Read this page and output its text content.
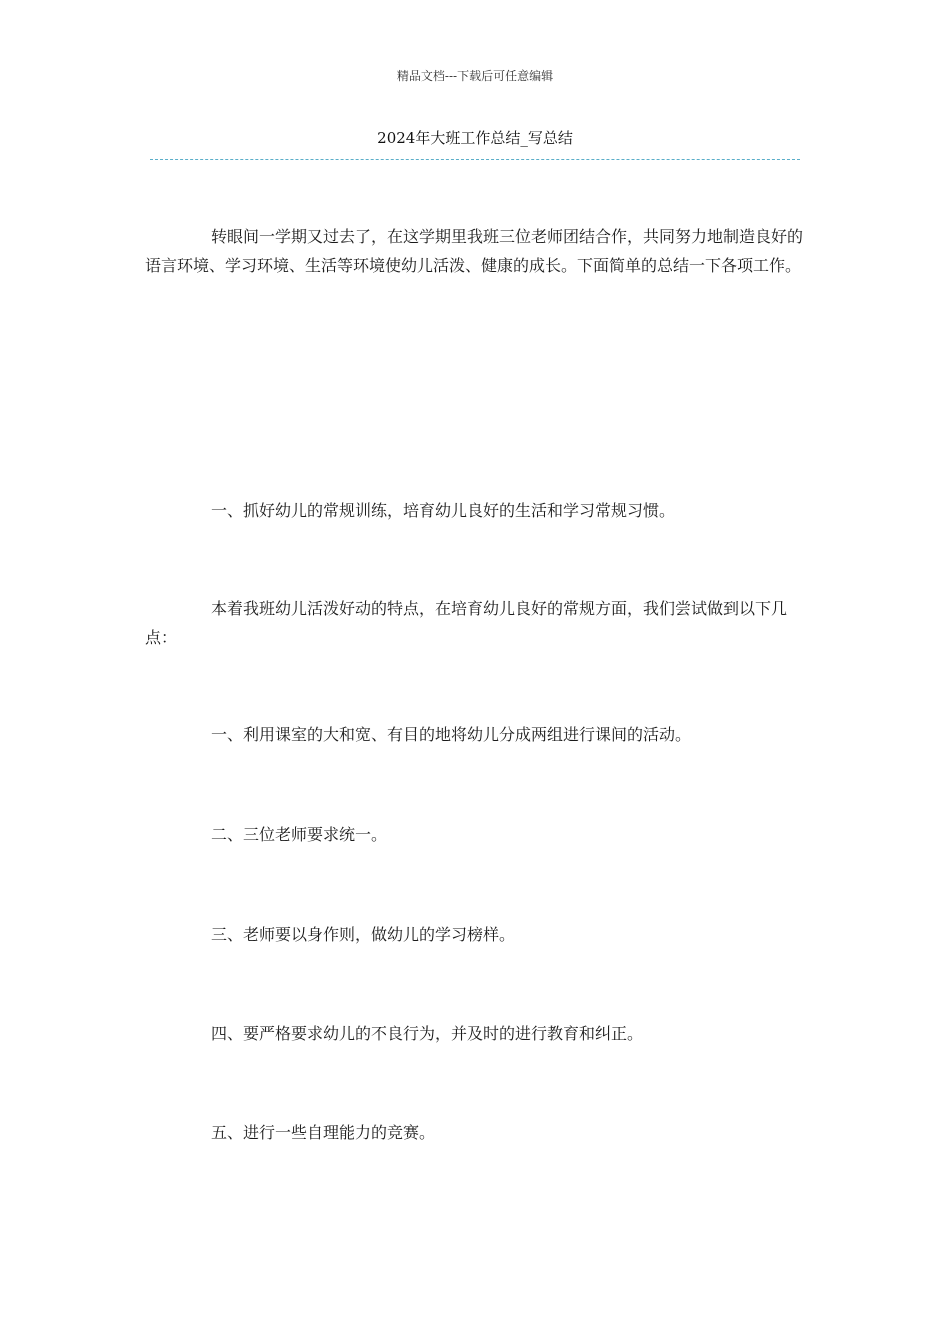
精品文档---下载后可任意编辑
2024年大班工作总结_写总结

转眼间一学期又过去了，在这学期里我班三位老师团结合作，共同努力地制造良好的语言环境、学习环境、生活等环境使幼儿活泼、健康的成长。下面简单的总结一下各项工作。

一、抓好幼儿的常规训练，培育幼儿良好的生活和学习常规习惯。

本着我班幼儿活泼好动的特点，在培育幼儿良好的常规方面，我们尝试做到以下几点：

一、利用课室的大和宽、有目的地将幼儿分成两组进行课间的活动。

二、三位老师要求统一。

三、老师要以身作则，做幼儿的学习榜样。

四、要严格要求幼儿的不良行为，并及时的进行教育和纠正。

五、进行一些自理能力的竞赛。
